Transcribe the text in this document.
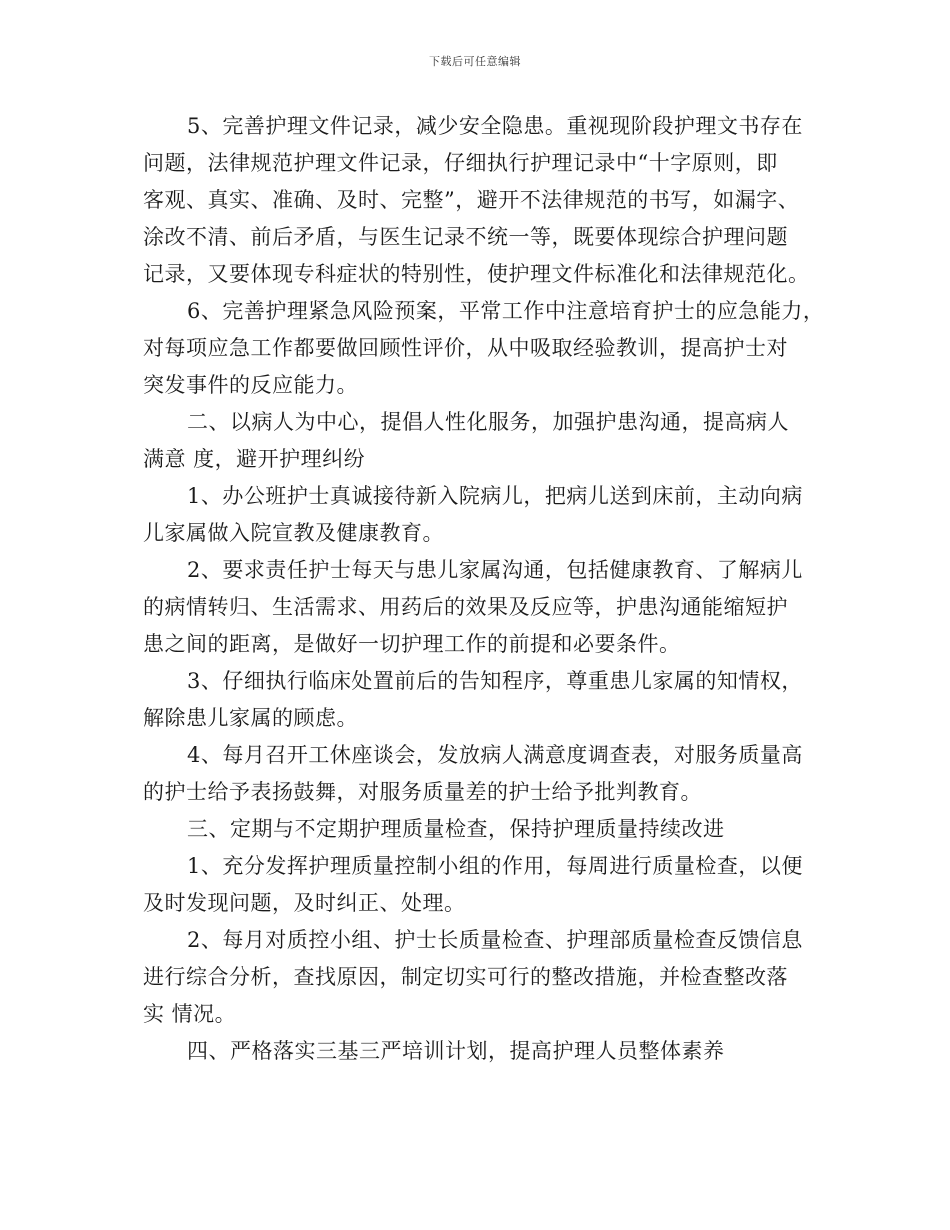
下载后可任意编辑
5、完善护理文件记录，减少安全隐患。重视现阶段护理文书存在
问题，法律规范护理文件记录，仔细执行护理记录中“十字原则，即
客观、真实、准确、及时、完整”，避开不法律规范的书写，如漏字、
涂改不清、前后矛盾，与医生记录不统一等，既要体现综合护理问题
记录，又要体现专科症状的特别性，使护理文件标准化和法律规范化。
6、完善护理紧急风险预案，平常工作中注意培育护士的应急能力，
对每项应急工作都要做回顾性评价，从中吸取经验教训，提高护士对
突发事件的反应能力。
二、以病人为中心，提倡人性化服务，加强护患沟通，提高病人
满意 度，避开护理纠纷
1、办公班护士真诚接待新入院病儿，把病儿送到床前，主动向病
儿家属做入院宣教及健康教育。
2、要求责任护士每天与患儿家属沟通，包括健康教育、了解病儿
的病情转归、生活需求、用药后的效果及反应等，护患沟通能缩短护
患之间的距离，是做好一切护理工作的前提和必要条件。
3、仔细执行临床处置前后的告知程序，尊重患儿家属的知情权，
解除患儿家属的顾虑。
4、每月召开工休座谈会，发放病人满意度调查表，对服务质量高
的护士给予表扬鼓舞，对服务质量差的护士给予批判教育。
三、定期与不定期护理质量检查，保持护理质量持续改进
1、充分发挥护理质量控制小组的作用，每周进行质量检查，以便
及时发现问题，及时纠正、处理。
2、每月对质控小组、护士长质量检查、护理部质量检查反馈信息
进行综合分析，查找原因，制定切实可行的整改措施，并检查整改落
实 情况。
四、严格落实三基三严培训计划，提高护理人员整体素养
